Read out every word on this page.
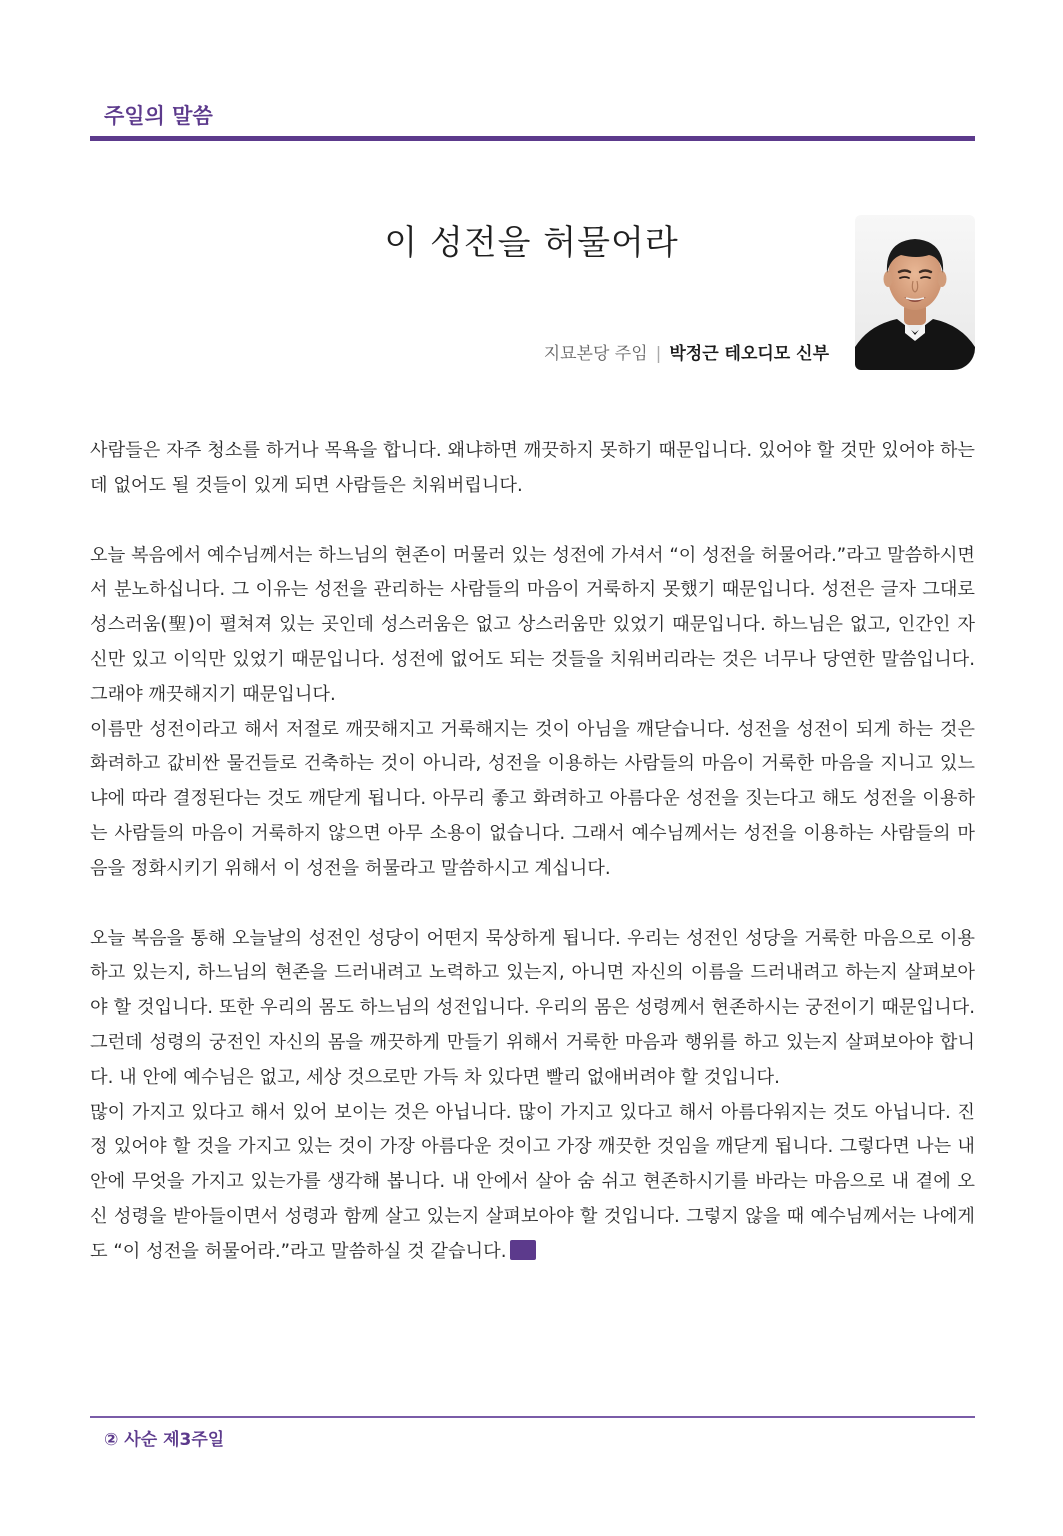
주일의 말씀
이 성전을 허물어라
지묘본당 주임 | 박정근 테오디모 신부

사람들은 자주 청소를 하거나 목욕을 합니다. 왜냐하면 깨끗하지 못하기 때문입니다. 있어야 할 것만 있어야 하는데 없어도 될 것들이 있게 되면 사람들은 치워버립니다.

오늘 복음에서 예수님께서는 하느님의 현존이 머물러 있는 성전에 가셔서 “이 성전을 허물어라.”라고 말씀하시면서 분노하십니다. 그 이유는 성전을 관리하는 사람들의 마음이 거룩하지 못했기 때문입니다. 성전은 글자 그대로 성스러움(聖)이 펼쳐져 있는 곳인데 성스러움은 없고 상스러움만 있었기 때문입니다. 하느님은 없고, 인간인 자신만 있고 이익만 있었기 때문입니다. 성전에 없어도 되는 것들을 치워버리라는 것은 너무나 당연한 말씀입니다. 그래야 깨끗해지기 때문입니다.

이름만 성전이라고 해서 저절로 깨끗해지고 거룩해지는 것이 아님을 깨닫습니다. 성전을 성전이 되게 하는 것은 화려하고 값비싼 물건들로 건축하는 것이 아니라, 성전을 이용하는 사람들의 마음이 거룩한 마음을 지니고 있느냐에 따라 결정된다는 것도 깨닫게 됩니다. 아무리 좋고 화려하고 아름다운 성전을 짓는다고 해도 성전을 이용하는 사람들의 마음이 거룩하지 않으면 아무 소용이 없습니다. 그래서 예수님께서는 성전을 이용하는 사람들의 마음을 정화시키기 위해서 이 성전을 허물라고 말씀하시고 계십니다.

오늘 복음을 통해 오늘날의 성전인 성당이 어떤지 묵상하게 됩니다. 우리는 성전인 성당을 거룩한 마음으로 이용하고 있는지, 하느님의 현존을 드러내려고 노력하고 있는지, 아니면 자신의 이름을 드러내려고 하는지 살펴보아야 할 것입니다. 또한 우리의 몸도 하느님의 성전입니다. 우리의 몸은 성령께서 현존하시는 궁전이기 때문입니다. 그런데 성령의 궁전인 자신의 몸을 깨끗하게 만들기 위해서 거룩한 마음과 행위를 하고 있는지 살펴보아야 합니다. 내 안에 예수님은 없고, 세상 것으로만 가득 차 있다면 빨리 없애버려야 할 것입니다.

많이 가지고 있다고 해서 있어 보이는 것은 아닙니다. 많이 가지고 있다고 해서 아름다워지는 것도 아닙니다. 진정 있어야 할 것을 가지고 있는 것이 가장 아름다운 것이고 가장 깨끗한 것임을 깨닫게 됩니다. 그렇다면 나는 내 안에 무엇을 가지고 있는가를 생각해 봅니다. 내 안에서 살아 숨 쉬고 현존하시기를 바라는 마음으로 내 곁에 오신 성령을 받아들이면서 성령과 함께 살고 있는지 살펴보아야 할 것입니다. 그렇지 않을 때 예수님께서는 나에게도 “이 성전을 허물어라.”라고 말씀하실 것 같습니다.

② 사순 제3주일
